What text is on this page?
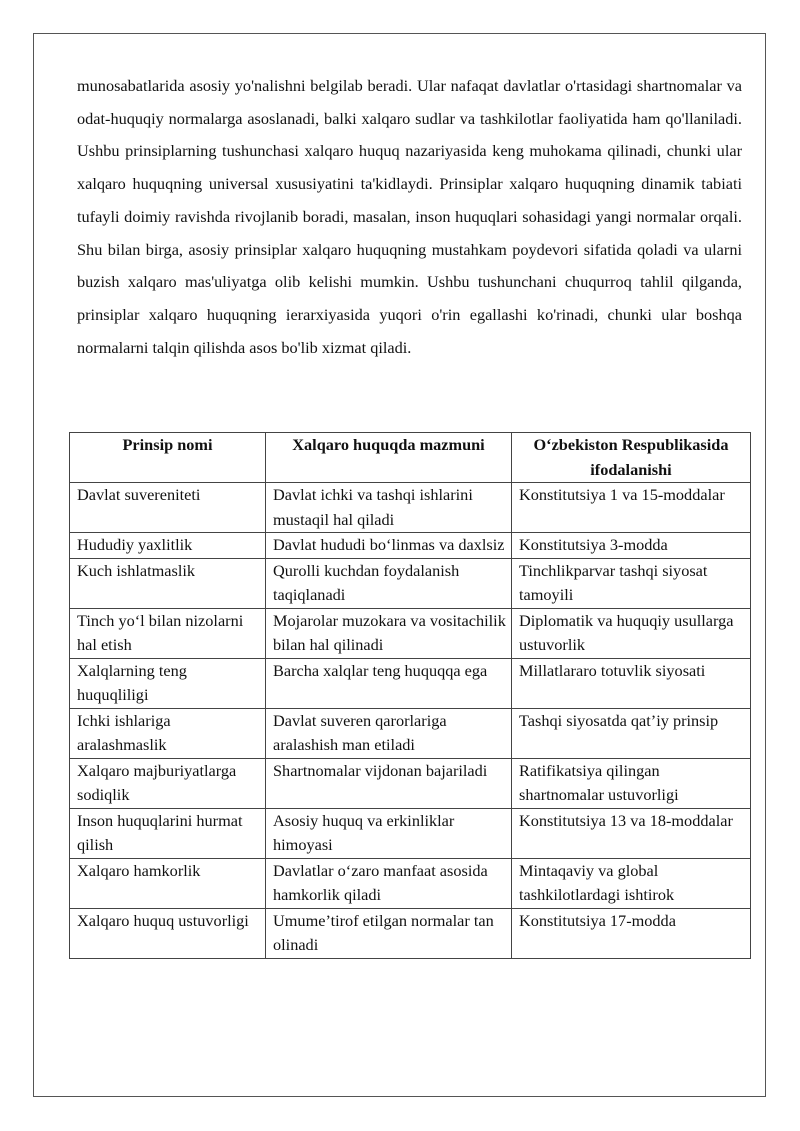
munosabatlarida asosiy yo'nalishni belgilab beradi. Ular nafaqat davlatlar o'rtasidagi shartnomalar va odat-huquqiy normalarga asoslanadi, balki xalqaro sudlar va tashkilotlar faoliyatida ham qo'llaniladi. Ushbu prinsiplarning tushunchasi xalqaro huquq nazariyasida keng muhokama qilinadi, chunki ular xalqaro huquqning universal xususiyatini ta'kidlaydi. Prinsiplar xalqaro huquqning dinamik tabiati tufayli doimiy ravishda rivojlanib boradi, masalan, inson huquqlari sohasidagi yangi normalar orqali. Shu bilan birga, asosiy prinsiplar xalqaro huquqning mustahkam poydevori sifatida qoladi va ularni buzish xalqaro mas'uliyatga olib kelishi mumkin. Ushbu tushunchani chuqurroq tahlil qilganda, prinsiplar xalqaro huquqning ierarxiyasida yuqori o'rin egallashi ko'rinadi, chunki ular boshqa normalarni talqin qilishda asos bo'lib xizmat qiladi.

Prinsip nomi	Xalqaro huquqda mazmuni	O‘zbekiston Respublikasida ifodalanishi
Davlat suvereniteti	Davlat ichki va tashqi ishlarini mustaqil hal qiladi	Konstitutsiya 1 va 15-moddalar
Hududiy yaxlitlik	Davlat hududi bo‘linmas va daxlsiz	Konstitutsiya 3-modda
Kuch ishlatmaslik	Qurolli kuchdan foydalanish taqiqlanadi	Tinchlikparvar tashqi siyosat tamoyili
Tinch yo‘l bilan nizolarni hal etish	Mojarolar muzokara va vositachilik bilan hal qilinadi	Diplomatik va huquqiy usullarga ustuvorlik
Xalqlarning teng huquqliligi	Barcha xalqlar teng huquqqa ega	Millatlararo totuvlik siyosati
Ichki ishlariga aralashmaslik	Davlat suveren qarorlariga aralashish man etiladi	Tashqi siyosatda qat’iy prinsip
Xalqaro majburiyatlarga sodiqlik	Shartnomalar vijdonan bajariladi	Ratifikatsiya qilingan shartnomalar ustuvorligi
Inson huquqlarini hurmat qilish	Asosiy huquq va erkinliklar himoyasi	Konstitutsiya 13 va 18-moddalar
Xalqaro hamkorlik	Davlatlar o‘zaro manfaat asosida hamkorlik qiladi	Mintaqaviy va global tashkilotlardagi ishtirok
Xalqaro huquq ustuvorligi	Umume’tirof etilgan normalar tan olinadi	Konstitutsiya 17-modda
